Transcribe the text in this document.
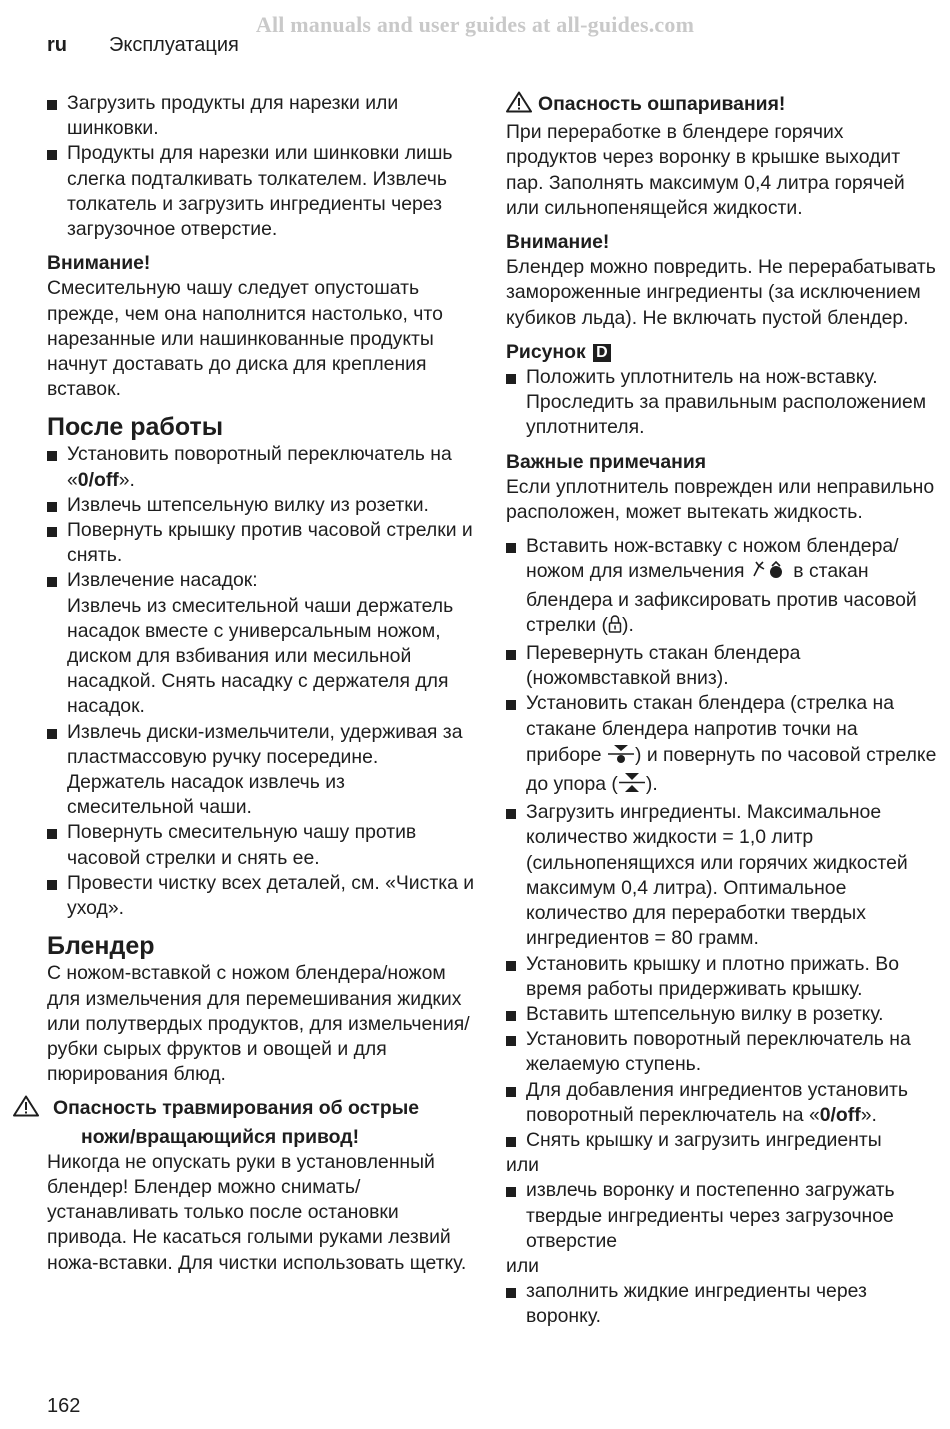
All manuals and user guides at all-guides.com
ru Эксплуатация
Загрузить продукты для нарезки или шинковки.
Продукты для нарезки или шинковки лишь слегка подталкивать толкателем. Извлечь толкатель и загрузить ингредиенты через загрузочное отверстие.

Внимание!

Смесительную чашу следует опустошать прежде, чем она наполнится настолько, что нарезанные или нашинкованные продукты начнут доставать до диска для крепления вставок.

После работы
Установить поворотный переключатель на «0/off».
Извлечь штепсельную вилку из розетки.
Повернуть крышку против часовой стрелки и снять.
Извлечение насадок:
Извлечь из смесительной чаши держатель насадок вместе с универсальным ножом, диском для взбивания или месильной насадкой. Снять насадку с держателя для насадок.
Извлечь диски-измельчители, удерживая за пластмассовую ручку посередине. Держатель насадок извлечь из смесительной чаши.
Повернуть смесительную чашу против часовой стрелки и снять ее.
Провести чистку всех деталей, см. «Чистка и уход».
Блендер

С ножом-вставкой с ножом блендера/ножом для измельчения для перемешивания жидких или полутвердых продуктов, для измельчения/рубки сырых фруктов и овощей и для пюрирования блюд.

Опасность травмирования об острые ножи/вращающийся привод!

Никогда не опускать руки в установленный блендер! Блендер можно снимать/устанавливать только после остановки привода. Не касаться голыми руками лезвий ножа-вставки. Для чистки использовать щетку.

Опасность ошпаривания!

При переработке в блендере горячих продуктов через воронку в крышке выходит пар. Заполнять максимум 0,4 литра горячей или сильнопенящейся жидкости.

Внимание!

Блендер можно повредить. Не перерабатывать замороженные ингредиенты (за исключением кубиков льда). Не включать пустой блендер.

Рисунок D

Положить уплотнитель на нож-вставку. Проследить за правильным расположением уплотнителя.

Важные примечания

Если уплотнитель поврежден или неправильно расположен, может вытекать жидкость.

Вставить нож-вставку с ножом блендера/ножом для измельчения  в стакан блендера и зафиксировать против часовой стрелки ( ).
Перевернуть стакан блендера (ножомвставкой вниз).
Установить стакан блендера (стрелка на стакане блендера напротив точки на приборе ) и повернуть по часовой стрелке до упора ( ).
Загрузить ингредиенты. Максимальное количество жидкости = 1,0 литр (сильнопенящихся или горячих жидкостей максимум 0,4 литра). Оптимальное количество для переработки твердых ингредиентов = 80 грамм.
Установить крышку и плотно прижать. Во время работы придерживать крышку.
Вставить штепсельную вилку в розетку.
Установить поворотный переключатель на желаемую ступень.
Для добавления ингредиентов установить поворотный переключатель на «0/off».
Снять крышку и загрузить ингредиенты

или

извлечь воронку и постепенно загружать твердые ингредиенты через загрузочное отверстие

или

заполнить жидкие ингредиенты через воронку.
162
